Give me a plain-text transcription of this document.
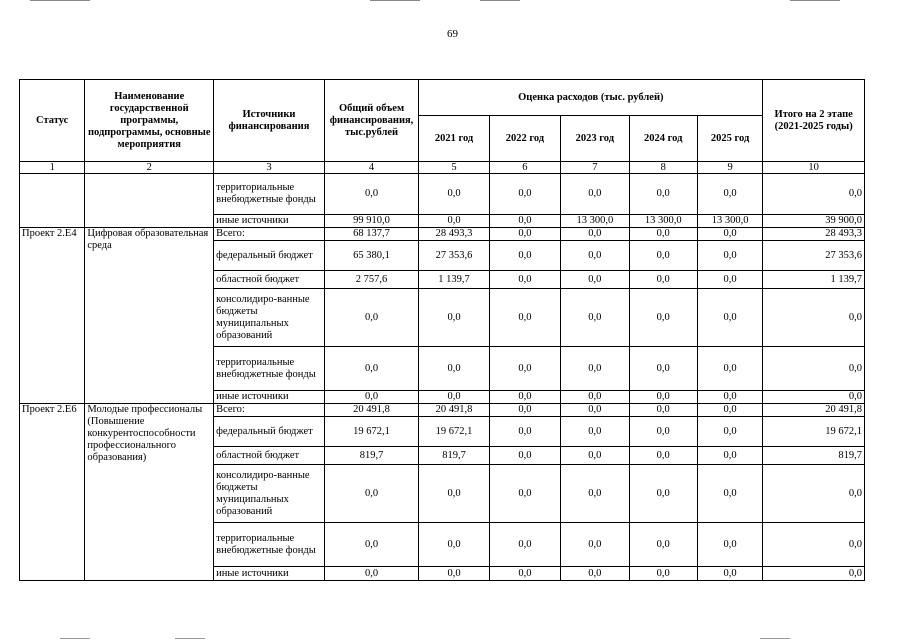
69
Статус	Наименование государственной программы, подпрограммы, основные мероприятия	Источники финансирования	Общий объем финансирования, тыс.рублей	Оценка расходов (тыс. рублей)					Итого на 2 этапе (2021-2025 годы)
				2021 год	2022 год	2023 год	2024 год	2025 год	
1	2	3	4	5	6	7	8	9	10
		территориальные внебюджетные фонды	0,0	0,0	0,0	0,0	0,0	0,0	0,0
		иные источники	99 910,0	0,0	0,0	13 300,0	13 300,0	13 300,0	39 900,0
Проект 2.Е4	Цифровая образовательная среда	Всего:	68 137,7	28 493,3	0,0	0,0	0,0	0,0	28 493,3
		федеральный бюджет	65 380,1	27 353,6	0,0	0,0	0,0	0,0	27 353,6
		областной бюджет	2 757,6	1 139,7	0,0	0,0	0,0	0,0	1 139,7
		консолидиро-ванные бюджеты муниципальных образований	0,0	0,0	0,0	0,0	0,0	0,0	0,0
		территориальные внебюджетные фонды	0,0	0,0	0,0	0,0	0,0	0,0	0,0
		иные источники	0,0	0,0	0,0	0,0	0,0	0,0	0,0
Проект 2.Е6	Молодые профессионалы (Повышение конкурентоспособности профессионального образования)	Всего:	20 491,8	20 491,8	0,0	0,0	0,0	0,0	20 491,8
		федеральный бюджет	19 672,1	19 672,1	0,0	0,0	0,0	0,0	19 672,1
		областной бюджет	819,7	819,7	0,0	0,0	0,0	0,0	819,7
		консолидиро-ванные бюджеты муниципальных образований	0,0	0,0	0,0	0,0	0,0	0,0	0,0
		территориальные внебюджетные фонды	0,0	0,0	0,0	0,0	0,0	0,0	0,0
		иные источники	0,0	0,0	0,0	0,0	0,0	0,0	0,0
